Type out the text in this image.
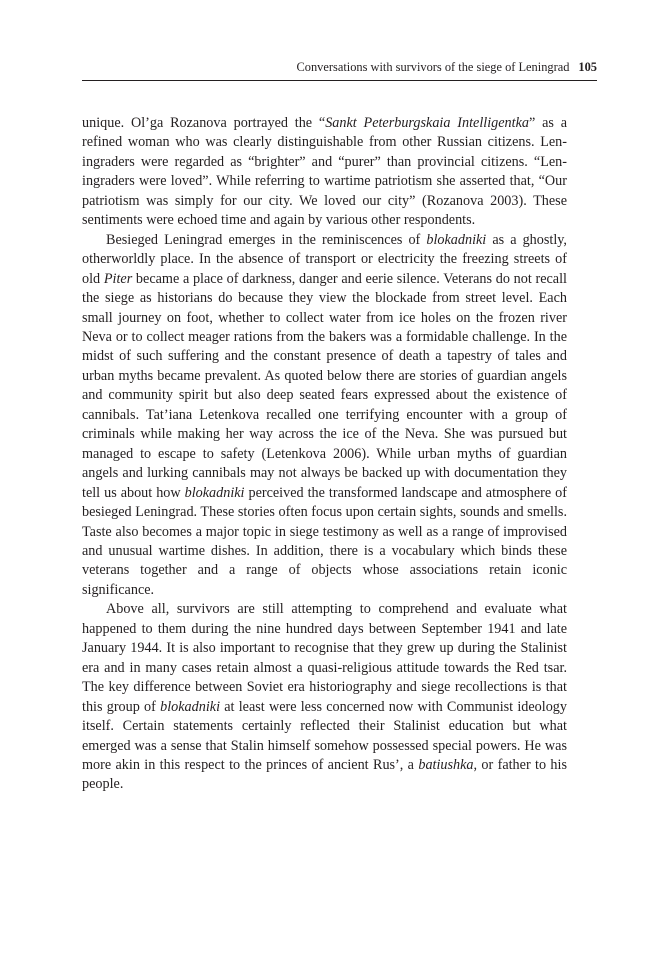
Conversations with survivors of the siege of Leningrad 105

unique. Ol’ga Rozanova portrayed the “Sankt Peterburgskaia Intelligentka” as a refined woman who was clearly distinguishable from other Russian citizens. Leningraders were regarded as “brighter” and “purer” than provincial citizens. “Leningraders were loved”. While referring to wartime patriotism she asserted that, “Our patriotism was simply for our city. We loved our city” (Rozanova 2003). These sentiments were echoed time and again by various other respondents.

Besieged Leningrad emerges in the reminiscences of blokadniki as a ghostly, otherworldly place. In the absence of transport or electricity the freezing streets of old Piter became a place of darkness, danger and eerie silence. Veterans do not recall the siege as historians do because they view the blockade from street level. Each small journey on foot, whether to collect water from ice holes on the frozen river Neva or to collect meager rations from the bakers was a formidable challenge. In the midst of such suffering and the constant presence of death a tapestry of tales and urban myths became prevalent. As quoted below there are stories of guardian angels and community spirit but also deep seated fears expressed about the existence of cannibals. Tat’iana Letenkova recalled one terrifying encounter with a group of criminals while making her way across the ice of the Neva. She was pursued but managed to escape to safety (Letenkova 2006). While urban myths of guardian angels and lurking cannibals may not always be backed up with documentation they tell us about how blokadniki perceived the transformed landscape and atmosphere of besieged Leningrad. These stories often focus upon certain sights, sounds and smells. Taste also becomes a major topic in siege testimony as well as a range of improvised and unusual wartime dishes. In addition, there is a vocabulary which binds these veterans together and a range of objects whose associations retain iconic significance.

Above all, survivors are still attempting to comprehend and evaluate what happened to them during the nine hundred days between September 1941 and late January 1944. It is also important to recognise that they grew up during the Stalinist era and in many cases retain almost a quasi-religious attitude towards the Red tsar. The key difference between Soviet era historiography and siege recollections is that this group of blokadniki at least were less concerned now with Communist ideology itself. Certain statements certainly reflected their Stalinist education but what emerged was a sense that Stalin himself somehow possessed special powers. He was more akin in this respect to the princes of ancient Rus’, a batiushka, or father to his people.
